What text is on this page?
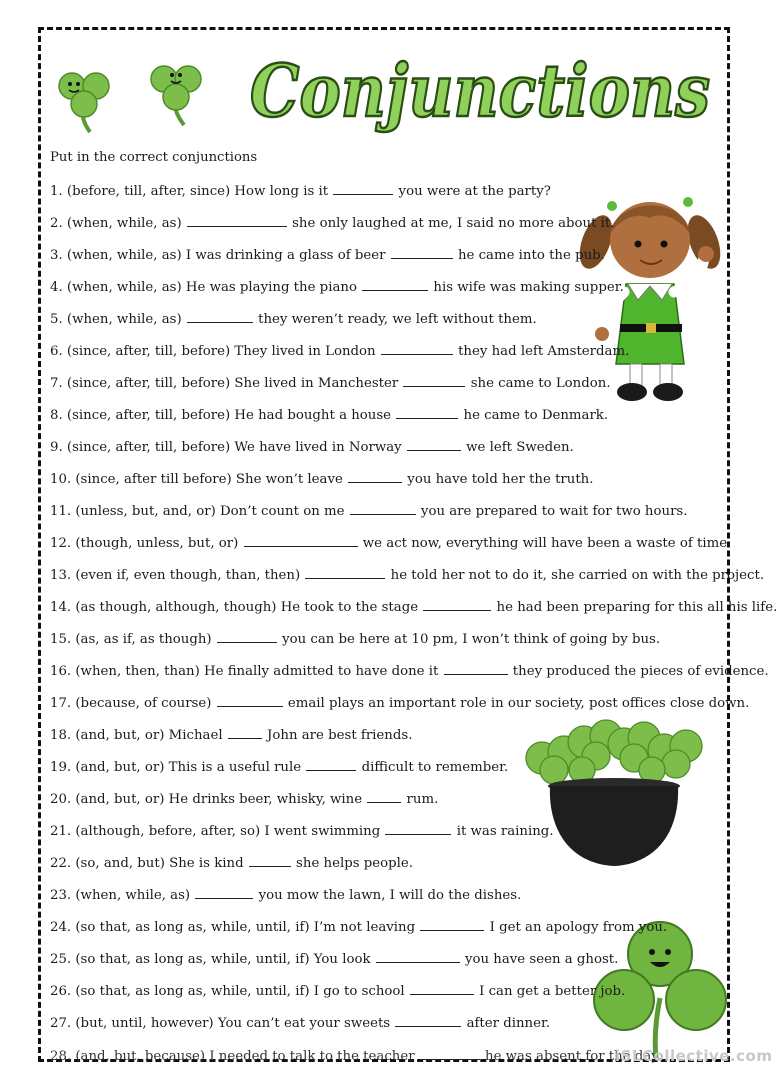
Conjunctions
Put in the correct conjunctions
1. (before, till, after, since) How long is it	you were at the party?
2. (when, while, as)	she only laughed at me, I said no more about it.
3. (when, while, as) I was drinking a glass of beer	he came into the pub.
4. (when, while, as) He was playing the piano	his wife was making supper.
5. (when, while, as)	they weren’t ready, we left without them.
6. (since, after, till, before) They lived in London	they had left Amsterdam.
7. (since, after, till, before) She lived in Manchester	she came to London.
8. (since, after, till, before) He had bought a house	he came to Denmark.
9. (since, after, till, before) We have lived in Norway	we left Sweden.
10. (since, after till before) She won’t leave	you have told her the truth.
11. (unless, but, and, or) Don’t count on me	you are prepared to wait for two hours.
12. (though, unless, but, or)	we act now, everything will have been a waste of time.
13. (even if, even though, than, then)	he told her not to do it, she carried on with the project.
14. (as though, although, though) He took to the stage	he had been preparing for this all his life.
15. (as, as if, as though)	you can be here at 10 pm, I won’t think of going by bus.
16. (when, then, than) He finally admitted to have done it	they produced the pieces of evidence.
17. (because, of course)	email plays an important role in our society, post offices close down.
18. (and, but, or) Michael	John are best friends.
19. (and, but, or) This is a useful rule	difficult to remember.
20. (and, but, or) He drinks beer, whisky, wine	rum.
21. (although, before, after, so) I went swimming	it was raining.
22. (so, and, but) She is kind	she helps people.
23. (when, while, as)	you mow the lawn, I will do the dishes.
24. (so that, as long as, while, until, if) I’m not leaving	I get an apology from you.
25. (so that, as long as, while, until, if) You look	you have seen a ghost.
26. (so that, as long as, while, until, if) I go to school	I can get a better job.
27. (but, until, however) You can’t eat your sweets	after dinner.
28. (and, but, because) I needed to talk to the teacher	he was absent for the day.
iSLCollective.com
